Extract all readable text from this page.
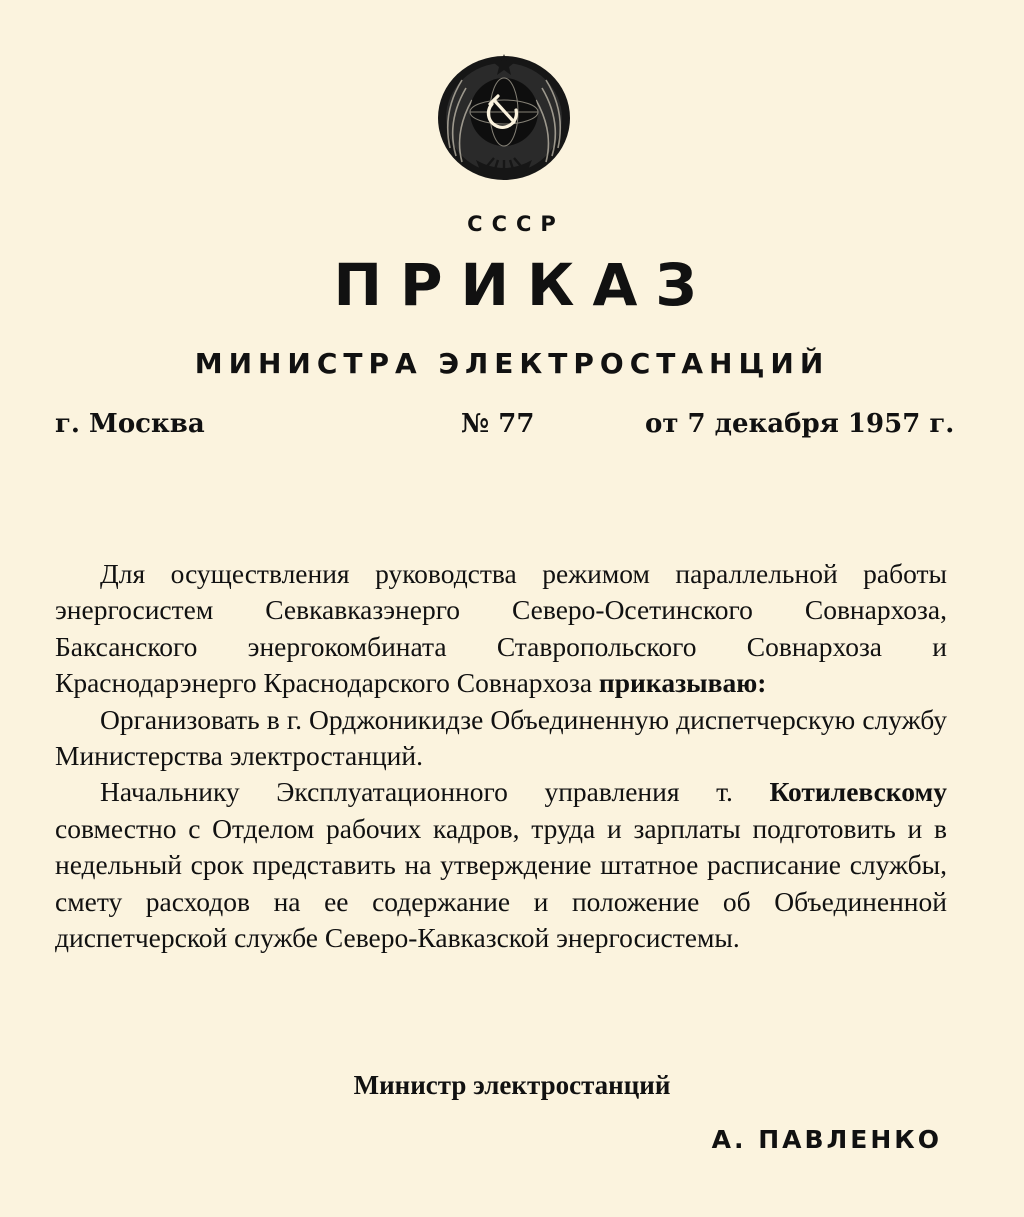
СССР
ПРИКАЗ
МИНИСТРА ЭЛЕКТРОСТАНЦИЙ
г. Москва	№ 77	от 7 декабря 1957 г.

Для осуществления руководства режимом параллельной работы энергосистем Севкавказэнерго Северо-Осетинского Совнархоза, Баксанского энергокомбината Ставропольского Совнархоза и Краснодарэнерго Краснодарского Совнархоза приказываю:

Организовать в г. Орджоникидзе Объединенную диспетчерскую службу Министерства электростанций.

Начальнику Эксплуатационного управления т. Котилевскому совместно с Отделом рабочих кадров, труда и зарплаты подготовить и в недельный срок представить на утверждение штатное расписание службы, смету расходов на ее содержание и положение об Объединенной диспетчерской службе Северо-Кавказской энергосистемы.

Министр электростанций
А. ПАВЛЕНКО
